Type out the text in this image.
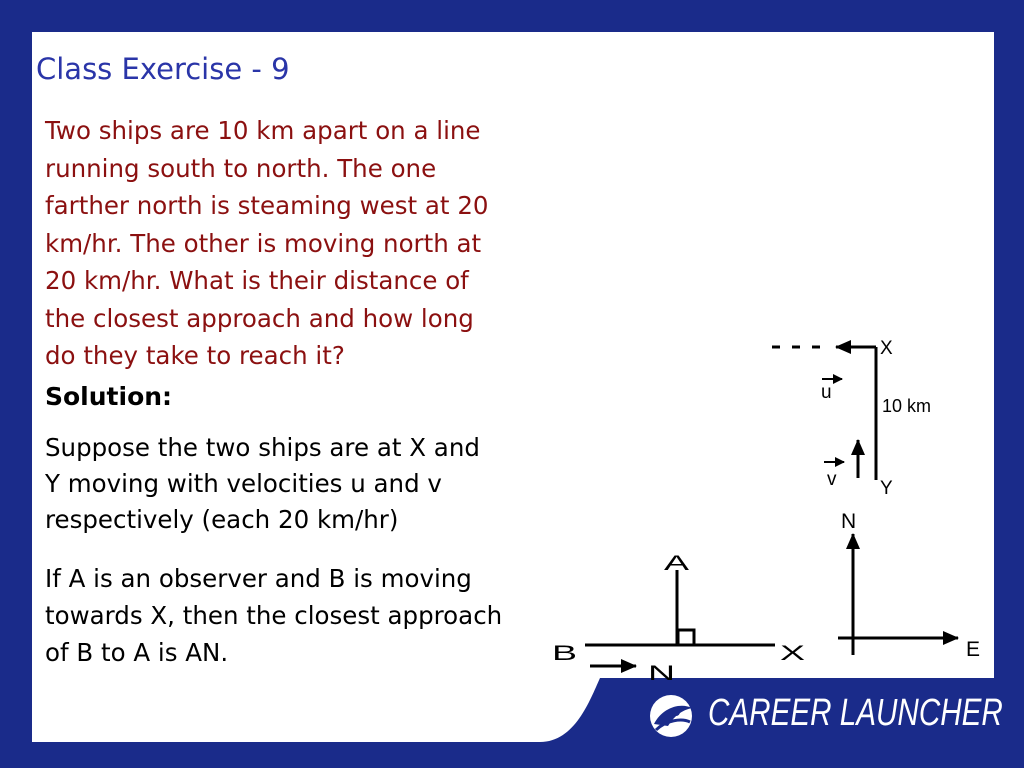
Class Exercise - 9
Two ships are 10 km apart on a line
running south to north. The one
farther north is steaming west at 20
km/hr. The other is moving north at
20 km/hr. What is their distance of
the closest approach and how long
do they take to reach it?
Solution:
Suppose the two ships are at X and
Y moving with velocities u and v
respectively (each 20 km/hr)
If A is an observer and B is moving
towards X, then the closest approach
of B to A is AN.
X
Y
u
v
10 km
N
E
A
B	X
N
CAREER LAUNCHER
